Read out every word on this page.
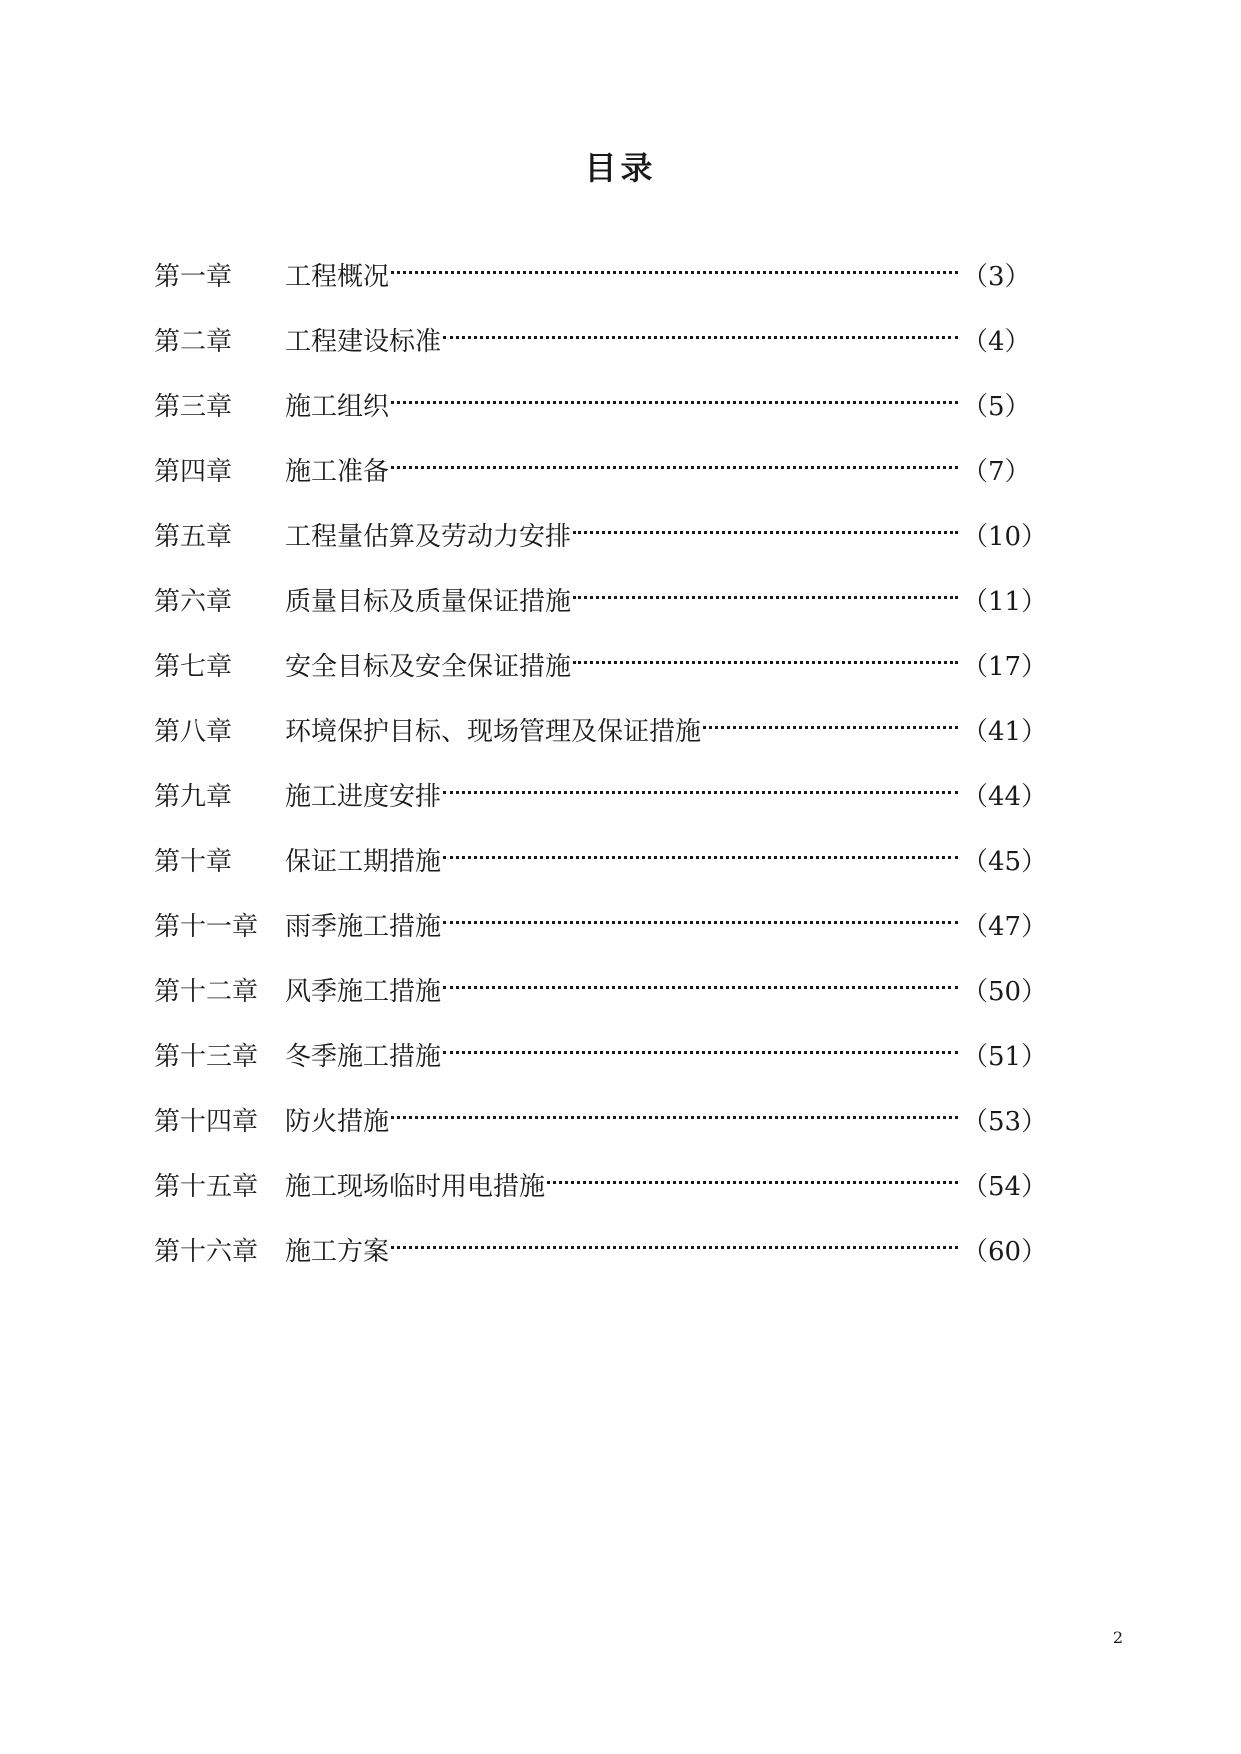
目录
第一章	工程概况	（3）
第二章	工程建设标准	（4）
第三章	施工组织	（5）
第四章	施工准备	（7）
第五章	工程量估算及劳动力安排	（10）
第六章	质量目标及质量保证措施	（11）
第七章	安全目标及安全保证措施	（17）
第八章	环境保护目标、现场管理及保证措施	（41）
第九章	施工进度安排	（44）
第十章	保证工期措施	（45）
第十一章	雨季施工措施	（47）
第十二章	风季施工措施	（50）
第十三章	冬季施工措施	（51）
第十四章	防火措施	（53）
第十五章	施工现场临时用电措施	（54）
第十六章	施工方案	（60）
2
